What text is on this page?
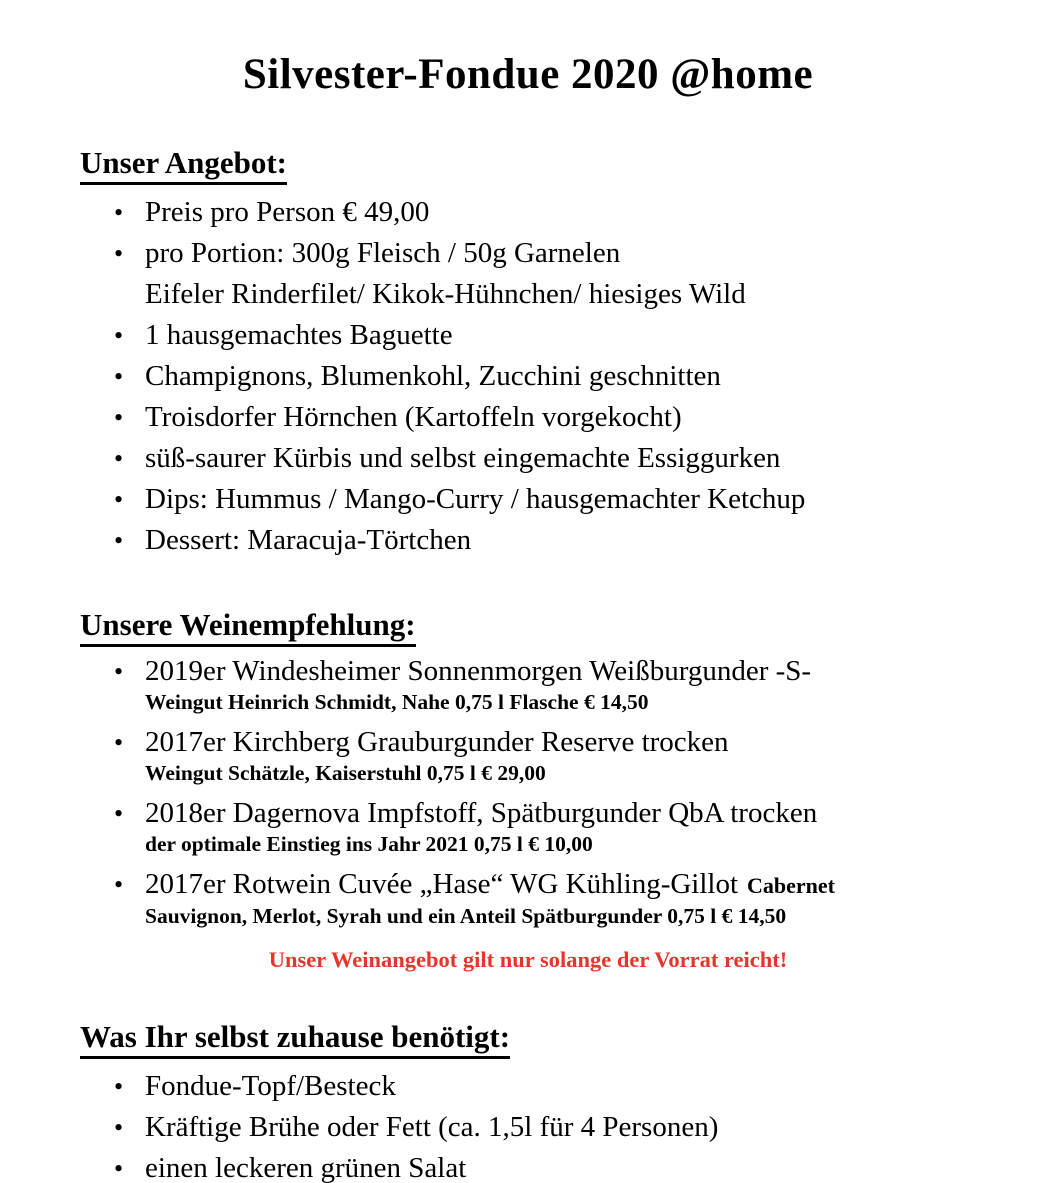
Silvester-Fondue 2020 @home
Unser Angebot:
• Preis pro Person € 49,00
• pro Portion: 300g Fleisch / 50g Garnelen
Eifeler Rinderfilet/ Kikok-Hühnchen/ hiesiges Wild
• 1 hausgemachtes Baguette
• Champignons, Blumenkohl, Zucchini geschnitten
• Troisdorfer Hörnchen (Kartoffeln vorgekocht)
• süß-saurer Kürbis und selbst eingemachte Essiggurken
• Dips: Hummus / Mango-Curry / hausgemachter Ketchup
• Dessert: Maracuja-Törtchen
Unsere Weinempfehlung:
• 2019er Windesheimer Sonnenmorgen Weißburgunder -S-
Weingut Heinrich Schmidt, Nahe 0,75 l Flasche € 14,50
• 2017er Kirchberg Grauburgunder Reserve trocken
Weingut Schätzle, Kaiserstuhl 0,75 l € 29,00
• 2018er Dagernova Impfstoff, Spätburgunder QbA trocken
der optimale Einstieg ins Jahr 2021 0,75 l € 10,00
• 2017er Rotwein Cuvée „Hase“ WG Kühling-Gillot Cabernet
Sauvignon, Merlot, Syrah und ein Anteil Spätburgunder 0,75 l € 14,50

Unser Weinangebot gilt nur solange der Vorrat reicht!

Was Ihr selbst zuhause benötigt:
• Fondue-Topf/Besteck
• Kräftige Brühe oder Fett (ca. 1,5l für 4 Personen)
• einen leckeren grünen Salat
